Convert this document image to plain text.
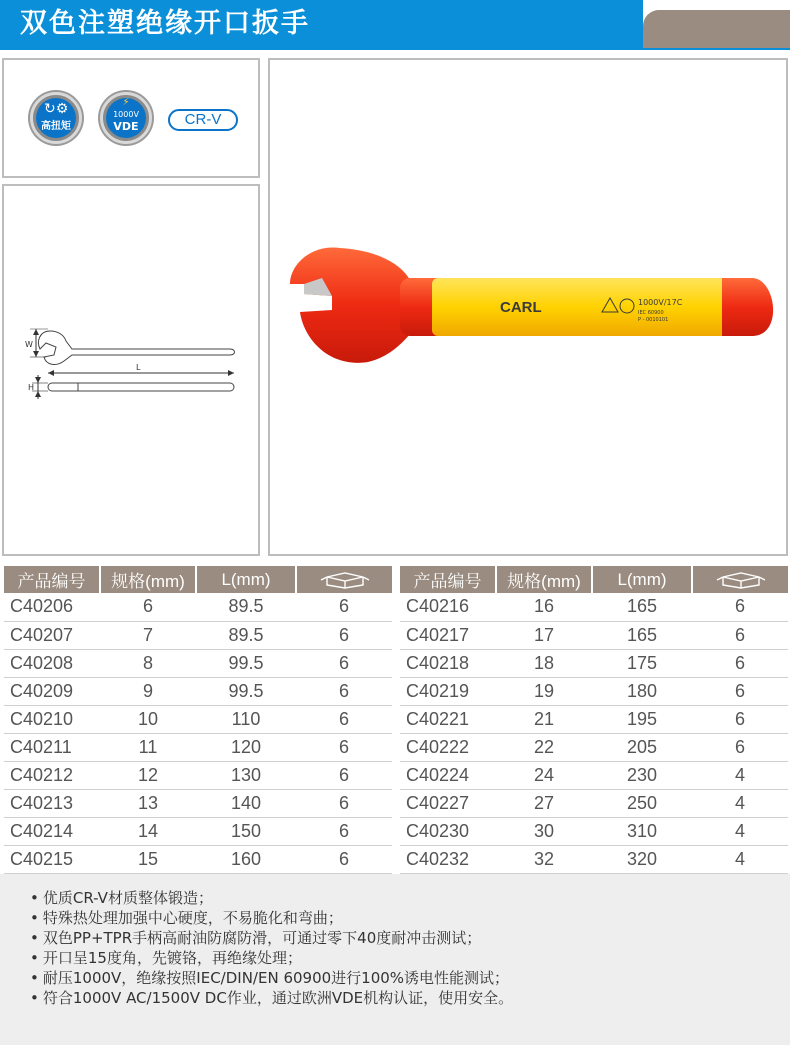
双色注塑绝缘开口扳手
↻⚙
高扭矩
⚡
1000V
VDE	CR-V
W
L
H
CARL	1000V/17C
IEC 60900
P - 0010101
产品编号	规格(mm)	L(mm)	
C40206	6	89.5	6
C40207	7	89.5	6
C40208	8	99.5	6
C40209	9	99.5	6
C40210	10	110	6
C40211	11	120	6
C40212	12	130	6
C40213	13	140	6
C40214	14	150	6
C40215	15	160	6
产品编号	规格(mm)	L(mm)	
C40216	16	165	6
C40217	17	165	6
C40218	18	175	6
C40219	19	180	6
C40221	21	195	6
C40222	22	205	6
C40224	24	230	4
C40227	27	250	4
C40230	30	310	4
C40232	32	320	4
• 优质CR-V材质整体锻造；
• 特殊热处理加强中心硬度，不易脆化和弯曲；
• 双色PP+TPR手柄高耐油防腐防滑，可通过零下40度耐冲击测试；
• 开口呈15度角，先镀铬，再绝缘处理；
• 耐压1000V，绝缘按照IEC/DIN/EN 60900进行100%诱电性能测试；
• 符合1000V AC/1500V DC作业，通过欧洲VDE机构认证，使用安全。
